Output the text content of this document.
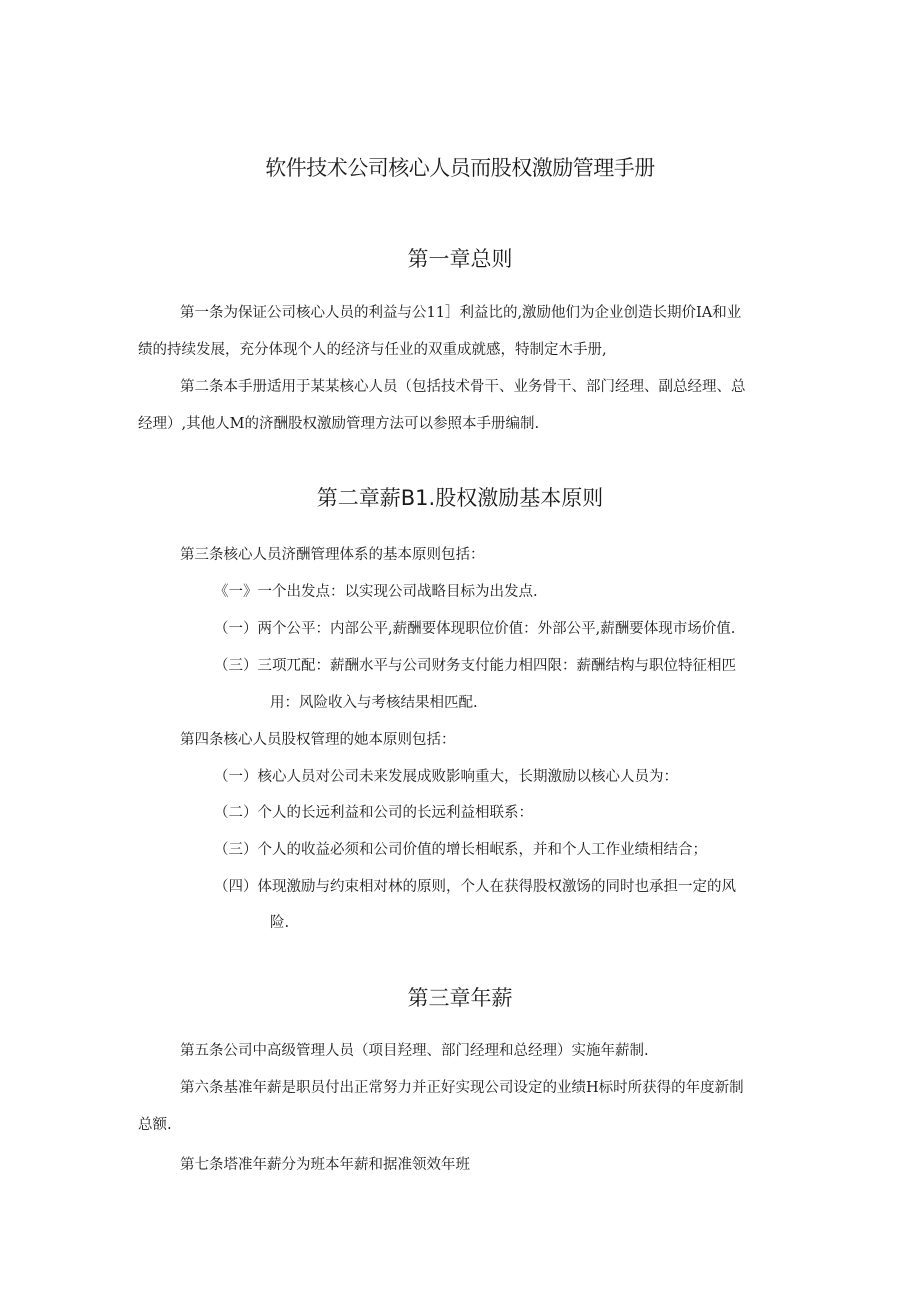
软件技术公司核心人员而股权激励管理手册
第一章总则
第一条为保证公司核心人员的利益与公11］利益比的,激励他们为企业创造长期价IA和业
绩的持续发展，充分体现个人的经济与任业的双重成就感，特制定木手册,
第二条本手册适用于某某核心人员（包括技术骨干、业务骨干、部门经理、副总经理、总
经理）,其他人M的济酬股权激励管理方法可以参照本手册编制.
第二章薪B1.股权激励基本原则
第三条核心人员济酬管理体系的基本原则包括：
《一》一个出发点：以实现公司战略目标为出发点.
（一）两个公平：内部公平,薪酬要体现职位价值：外部公平,薪酬要体现市场价值.
（三）三项兀配：薪酬水平与公司财务支付能力相四限：薪酬结构与职位特征相匹
用：风险收入与考核结果相匹配.
第四条核心人员股权管理的她本原则包括：
（一）核心人员对公司未来发展成败影响重大，长期激励以核心人员为：
（二）个人的长远利益和公司的长远利益相联系：
（三）个人的收益必须和公司价值的增长相岷系，并和个人工作业绩相结合；
（四）体现激励与约束相对林的原则，个人在获得股权激饧的同时也承担一定的风
险.
第三章年薪
第五条公司中高级管理人员（项目羟理、部门经理和总经理）实施年薪制.
第六条基准年薪是职员付出正常努力并正好实现公司设定的业绩H标时所获得的年度新制
总额.
第七条塔准年薪分为班本年薪和据准领效年班
